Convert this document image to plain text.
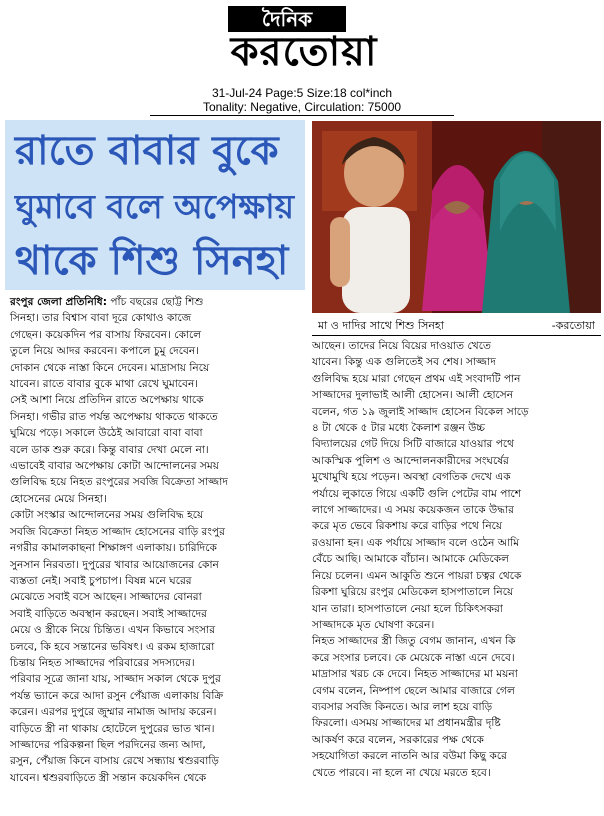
দৈনিক
করতোয়া
31-Jul-24 Page:5 Size:18 col*inch
Tonality: Negative, Circulation: 75000
রাতে বাবার বুকে
ঘুমাবে বলে অপেক্ষায়
থাকে শিশু সিনহা
মা ও দাদির সাথে শিশু সিনহা	-করতোয়া

রংপুর জেলা প্রতিনিধি: পাঁচ বছরের ছোট্ট শিশু

সিনহা। তার বিশ্বাস বাবা দূরে কোথাও কাজে

গেছেন। কয়েকদিন পর বাসায় ফিরবেন। কোলে

তুলে নিয়ে আদর করবেন। কপালে চুমু দেবেন।

দোকান থেকে নাস্তা কিনে দেবেন। মাদ্রাসায় নিয়ে

যাবেন। রাতে বাবার বুকে মাথা রেখে ঘুমাবেন।

সেই আশা নিয়ে প্রতিদিন রাতে অপেক্ষায় থাকে

সিনহা। গভীর রাত পর্যন্ত অপেক্ষায় থাকতে থাকতে

ঘুমিয়ে পড়ে। সকালে উঠেই আবারো বাবা বাবা

বলে ডাক শুরু করে। কিন্তু বাবার দেখা মেলে না।

এভাবেই বাবার অপেক্ষায় কোটা আন্দোলনের সময়

গুলিবিদ্ধ হয়ে নিহত রংপুরের সবজি বিক্রেতা সাজ্জাদ

হোসেনের মেয়ে সিনহা।

কোটা সংস্কার আন্দোলনের সময় গুলিবিদ্ধ হয়ে

সবজি বিক্রেতা নিহত সাজ্জাদ হোসেনের বাড়ি রংপুর

নগরীর কামালকাছনা শিক্ষাঙ্গণ এলাকায়। চারিদিকে

সুনসান নিরবতা। দুপুরের খাবার আয়োজনের কোন

ব্যস্ততা নেই। সবাই চুপচাপ। বিষন্ন মনে ঘরের

মেঝেতে সবাই বসে আছেন। সাজ্জাদের বোনরা

সবাই বাড়িতে অবস্থান করছেন। সবাই সাজ্জাদের

মেয়ে ও স্ত্রীকে নিয়ে চিন্তিত। এখন কিভাবে সংসার

চলবে, কি হবে সন্তানের ভবিষৎ। এ রকম হাজারো

চিন্তায় নিহত সাজ্জাদের পরিবারের সদস্যদের।

পরিবার সূত্রে জানা যায়, সাজ্জাদ সকাল থেকে দুপুর

পর্যন্ত ভ্যানে করে আদা রসুন পেঁয়াজ এলাকায় বিক্রি

করেন। এরপর দুপুরে জুম্মার নামাজ আদায় করেন।

বাড়িতে স্ত্রী না থাকায় হোটেলে দুপুরের ভাত খান।

সাজ্জাদের পরিকল্পনা ছিল পরদিনের জন্য আদা,

রসুন, পেঁয়াজ কিনে বাসায় রেখে সন্ধ্যায় শ্বশুরবাড়ি

যাবেন। শ্বশুরবাড়িতে স্ত্রী সন্তান কয়েকদিন থেকে

আছেন। তাদের নিয়ে বিয়ের দাওয়াত খেতে

যাবেন। কিন্তু এক গুলিতেই সব শেষ। সাজ্জাদ

গুলিবিদ্ধ হয়ে মারা গেছেন প্রথম এই সংবাদটি পান

সাজ্জাদের দুলাভাই আলী হোসেন। আলী হোসেন

বলেন, গত ১৯ জুলাই সাজ্জাদ হোসেন বিকেল সাড়ে

৪ টা থেকে ৫ টার মধ্যে কৈলাশ রঞ্জন উচ্চ

বিদ্যালয়ের গেট দিয়ে সিটি বাজারে যাওয়ার পথে

আকস্মিক পুলিশ ও আন্দোলনকারীদের সংঘর্ষের

মুখোমুখি হয়ে পড়েন। অবস্থা বেগতিক দেখে এক

পর্যায়ে লুকাতে গিয়ে একটি গুলি পেটের বাম পাশে

লাগে সাজ্জাদের। এ সময় কয়েকজন তাকে উদ্ধার

করে মৃত ভেবে রিকশায় করে বাড়ির পথে নিয়ে

রওয়ানা হন। এক পর্যায়ে সাজ্জাদ বলে ওঠেন আমি

বেঁচে আছি। আমাকে বাঁচান। আমাকে মেডিকেল

নিয়ে চলেন। এমন আকুতি শুনে পায়রা চত্বর থেকে

রিকশা ঘুরিয়ে রংপুর মেডিকেল হাসপাতালে নিয়ে

যান তারা। হাসপাতালে নেয়া হলে চিকিৎসকরা

সাজ্জাদকে মৃত ঘোষণা করেন।

নিহত সাজ্জাদের স্ত্রী জিতু বেগম জানান, এখন কি

করে সংসার চলবে। কে মেয়েকে নাস্তা এনে দেবে।

মাদ্রাসার খরচ কে দেবে। নিহত সাজ্জাদের মা ময়না

বেগম বলেন, নিষ্পাপ ছেলে আমার বাজারে গেল

ব্যবসার সবজি কিনতে। আর লাশ হয়ে বাড়ি

ফিরলো। এসময় সাজ্জাদের মা প্রধানমন্ত্রীর দৃষ্টি

আকর্ষণ করে বলেন, সরকারের পক্ষ থেকে

সহযোগিতা করলে নাতনি আর বউমা কিছু করে

খেতে পারবে। না হলে না খেয়ে মরতে হবে।
